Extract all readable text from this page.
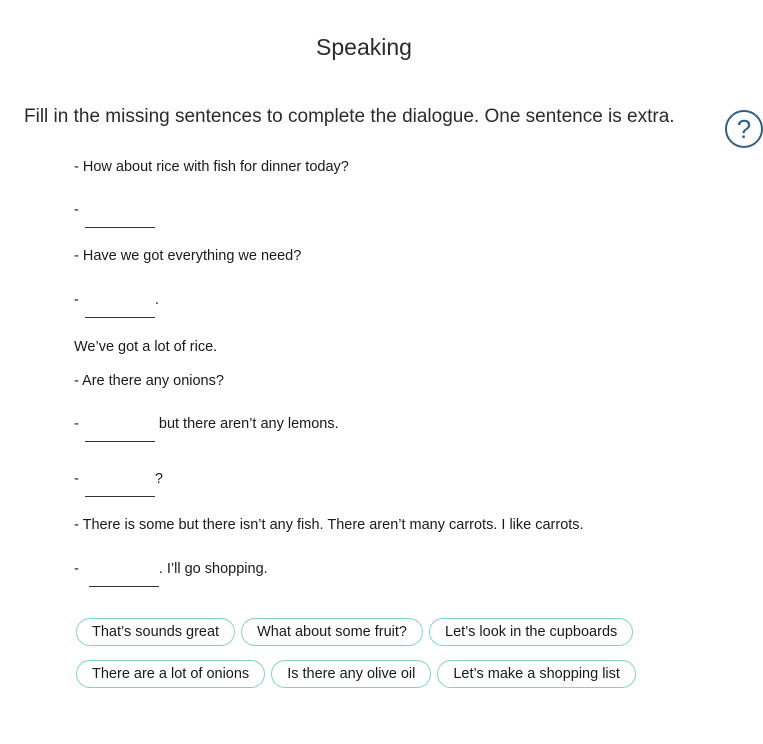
Speaking
Fill in the missing sentences to complete the dialogue. One sentence is extra.	?
- How about rice with fish for dinner today?
-
- Have we got everything we need?
-	.
We’ve got a lot of rice.
- Are there any onions?
-	but there aren’t any lemons.
-	?
- There is some but there isn’t any fish. There aren’t many carrots. I like carrots.
-	. I’ll go shopping.
That’s sounds great	What about some fruit?	Let’s look in the cupboards
There are a lot of onions	Is there any olive oil	Let’s make a shopping list
